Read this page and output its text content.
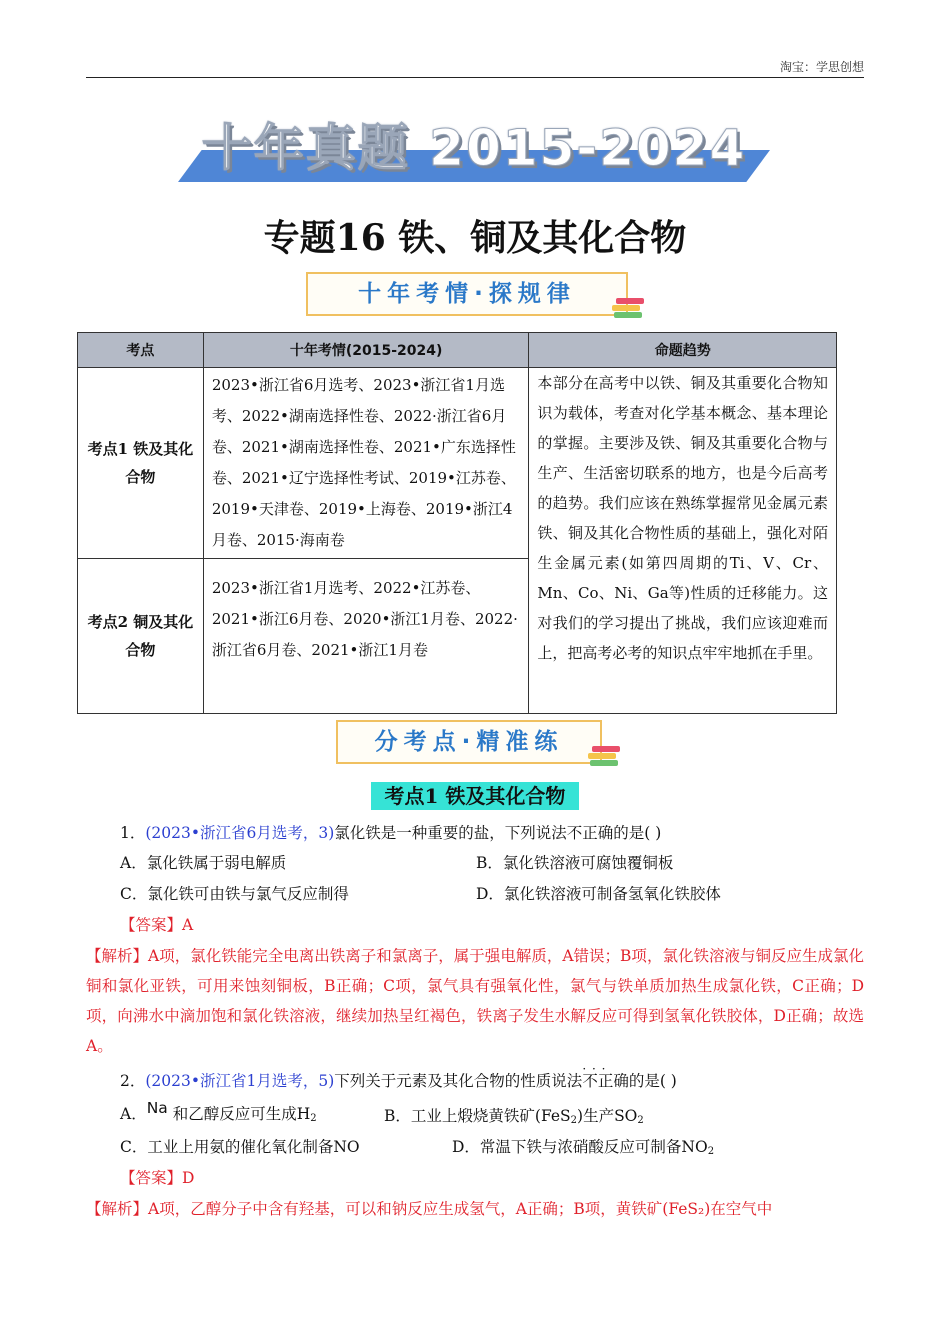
淘宝：学思创想
十年真题 2015-2024
专题16 铁、铜及其化合物
十年考情·探规律
考点	十年考情(2015-2024)	命题趋势
考点1 铁及其化合物	2023•浙江省6月选考、2023•浙江省1月选考、2022•湖南选择性卷、2022·浙江省6月卷、2021•湖南选择性卷、2021•广东选择性卷、2021•辽宁选择性考试、2019•江苏卷、2019•天津卷、2019•上海卷、2019•浙江4月卷、2015·海南卷	本部分在高考中以铁、铜及其重要化合物知识为载体，考查对化学基本概念、基本理论的掌握。主要涉及铁、铜及其重要化合物与生产、生活密切联系的地方，也是今后高考的趋势。我们应该在熟练掌握常见金属元素铁、铜及其化合物性质的基础上，强化对陌生金属元素(如第四周期的Ti、V、Cr、Mn、Co、Ni、Ga等)性质的迁移能力。这对我们的学习提出了挑战，我们应该迎难而上，把高考必考的知识点牢牢地抓在手里。
考点2 铜及其化合物	2023•浙江省1月选考、2022•江苏卷、2021•浙江6月卷、2020•浙江1月卷、2022·浙江省6月卷、2021•浙江1月卷	
分考点·精准练
考点1 铁及其化合物
1．(2023•浙江省6月选考，3)氯化铁是一种重要的盐，下列说法不正确的是( )
A．氯化铁属于弱电解质	B．氯化铁溶液可腐蚀覆铜板
C．氯化铁可由铁与氯气反应制得	D．氯化铁溶液可制备氢氧化铁胶体
【答案】A
【解析】A项，氯化铁能完全电离出铁离子和氯离子，属于强电解质，A错误；B项，氯化铁溶液与铜反应生成氯化铜和氯化亚铁，可用来蚀刻铜板，B正确；C项，氯气具有强氧化性，氯气与铁单质加热生成氯化铁，C正确；D项，向沸水中滴加饱和氯化铁溶液，继续加热呈红褐色，铁离子发生水解反应可得到氢氧化铁胶体，D正确；故选A。
2．(2023•浙江省1月选考，5)下列关于元素及其化合物的性质说法不正确 · · ·的是( )
A．Na 和乙醇反应可生成$H_2$	B．工业上煅烧黄铁矿(FeS$_2$)生产$SO_2$
C．工业上用氨的催化氧化制备NO	D．常温下铁与浓硝酸反应可制备$NO_2$
【答案】D
【解析】A项，乙醇分子中含有羟基，可以和钠反应生成氢气，A正确；B项，黄铁矿(FeS₂)在空气中
